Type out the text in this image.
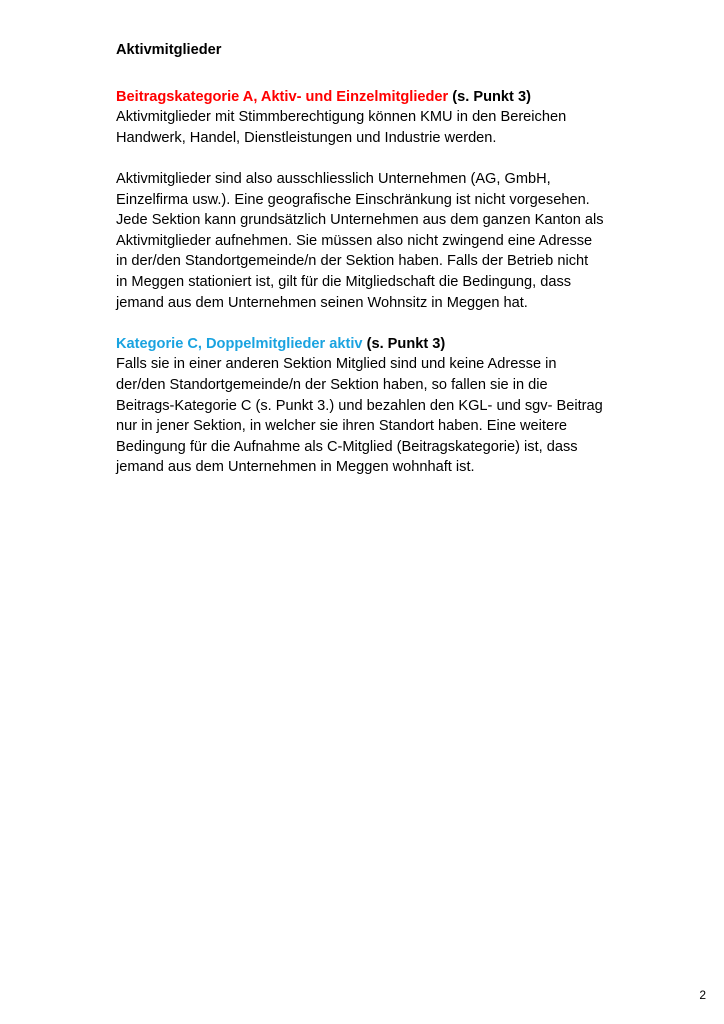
Aktivmitglieder
Beitragskategorie A, Aktiv- und Einzelmitglieder (s. Punkt 3)
Aktivmitglieder mit Stimmberechtigung können KMU in den Bereichen
Handwerk, Handel, Dienstleistungen und Industrie werden.
Aktivmitglieder sind also ausschliesslich Unternehmen (AG, GmbH,
Einzelfirma usw.). Eine geografische Einschränkung ist nicht vorgesehen.
Jede Sektion kann grundsätzlich Unternehmen aus dem ganzen Kanton als
Aktivmitglieder aufnehmen. Sie müssen also nicht zwingend eine Adresse
in der/den Standortgemeinde/n der Sektion haben. Falls der Betrieb nicht
in Meggen stationiert ist, gilt für die Mitgliedschaft die Bedingung, dass
jemand aus dem Unternehmen seinen Wohnsitz in Meggen hat.
Kategorie C, Doppelmitglieder aktiv (s. Punkt 3)
Falls sie in einer anderen Sektion Mitglied sind und keine Adresse in
der/den Standortgemeinde/n der Sektion haben, so fallen sie in die
Beitrags-Kategorie C (s. Punkt 3.) und bezahlen den KGL- und sgv- Beitrag
nur in jener Sektion, in welcher sie ihren Standort haben. Eine weitere
Bedingung für die Aufnahme als C-Mitglied (Beitragskategorie) ist, dass
jemand aus dem Unternehmen in Meggen wohnhaft ist.
2
